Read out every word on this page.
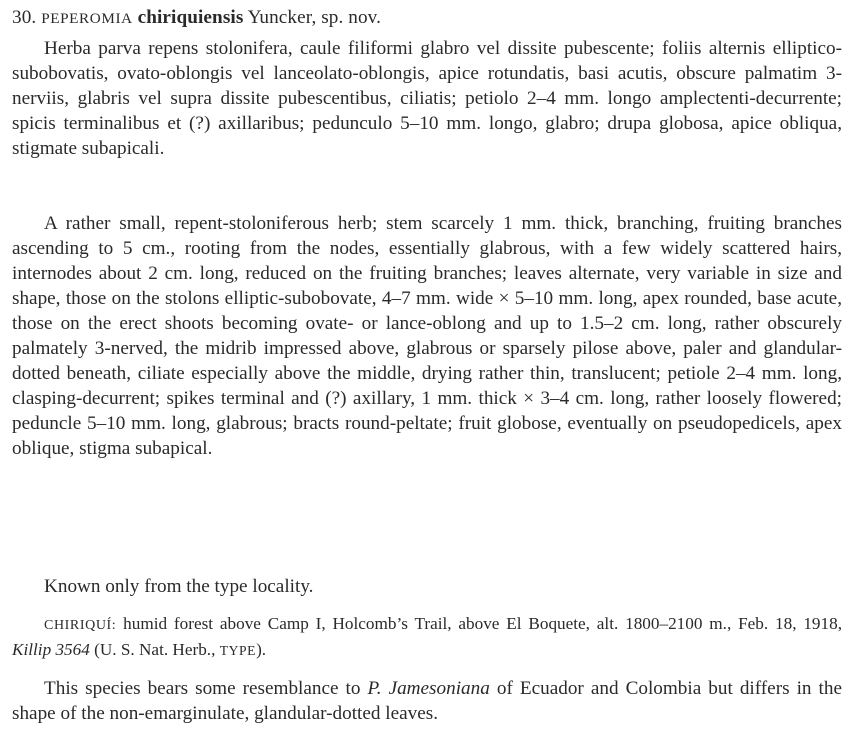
30. PEPEROMIA chiriquiensis Yuncker, sp. nov.

Herba parva repens stolonifera, caule filiformi glabro vel dissite pubescente; foliis alternis elliptico-subobovatis, ovato-oblongis vel lanceolato-oblongis, apice rotundatis, basi acutis, obscure palmatim 3-nerviis, glabris vel supra dissite pubescentibus, ciliatis; petiolo 2–4 mm. longo amplectenti-decurrente; spicis terminalibus et (?) axillaribus; pedunculo 5–10 mm. longo, glabro; drupa globosa, apice obliqua, stigmate subapicali.

A rather small, repent-stoloniferous herb; stem scarcely 1 mm. thick, branching, fruiting branches ascending to 5 cm., rooting from the nodes, essentially glabrous, with a few widely scattered hairs, internodes about 2 cm. long, reduced on the fruiting branches; leaves alternate, very variable in size and shape, those on the stolons elliptic-subobovate, 4–7 mm. wide × 5–10 mm. long, apex rounded, base acute, those on the erect shoots becoming ovate- or lance-oblong and up to 1.5–2 cm. long, rather obscurely palmately 3-nerved, the midrib impressed above, glabrous or sparsely pilose above, paler and glandular-dotted beneath, ciliate especially above the middle, drying rather thin, translucent; petiole 2–4 mm. long, clasping-decurrent; spikes terminal and (?) axillary, 1 mm. thick × 3–4 cm. long, rather loosely flowered; peduncle 5–10 mm. long, glabrous; bracts round-peltate; fruit globose, eventually on pseudopedicels, apex oblique, stigma subapical.

Known only from the type locality.

CHIRIQUÍ: humid forest above Camp I, Holcomb’s Trail, above El Boquete, alt. 1800–2100 m., Feb. 18, 1918, Killip 3564 (U. S. Nat. Herb., TYPE).

This species bears some resemblance to P. Jamesoniana of Ecuador and Colombia but differs in the shape of the non-emarginulate, glandular-dotted leaves.
